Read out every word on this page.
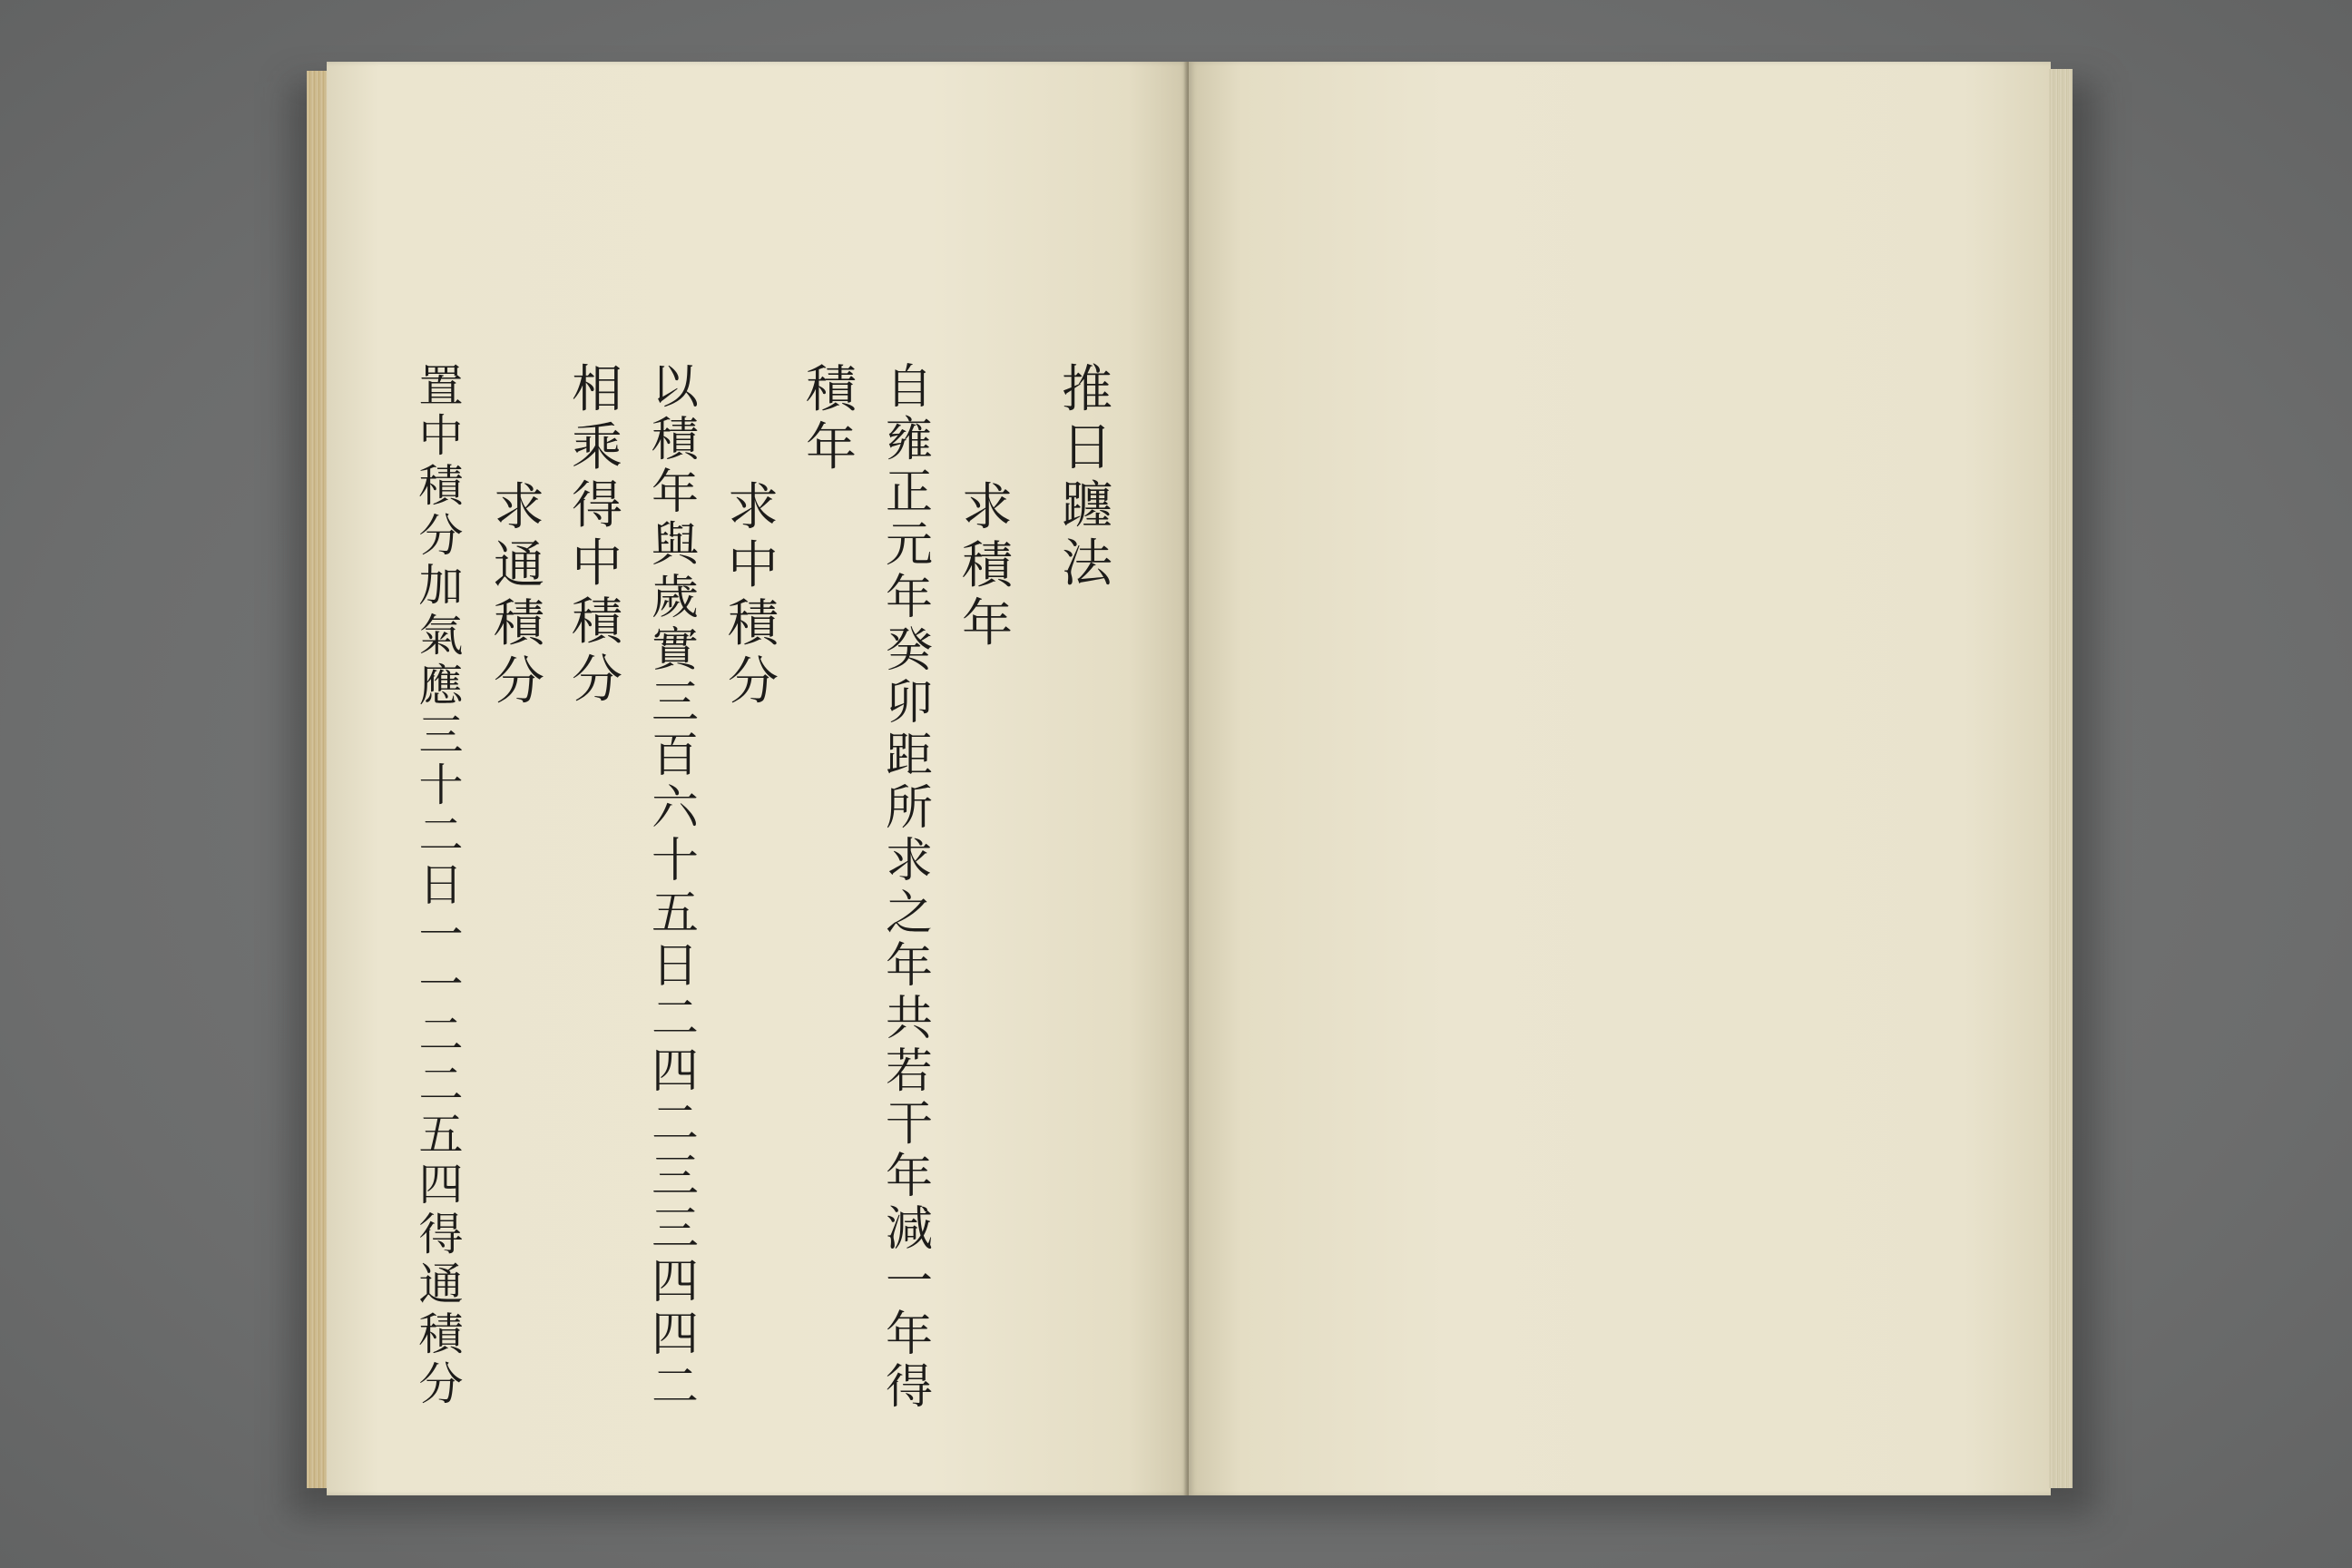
推
日
躔
法
求
積
年
自
雍
正
元
年
癸
卯
距
所
求
之
年
共
若
干
年
減
一
年
得
積
年
求
中
積
分
以
積
年
與
歲
實
三
百
六
十
五
日
二
四
二
三
三
四
四
二
相
乘
得
中
積
分
求
通
積
分
置
中
積
分
加
氣
應
三
十
二
日
一
一
二
二
五
四
得
通
積
分
